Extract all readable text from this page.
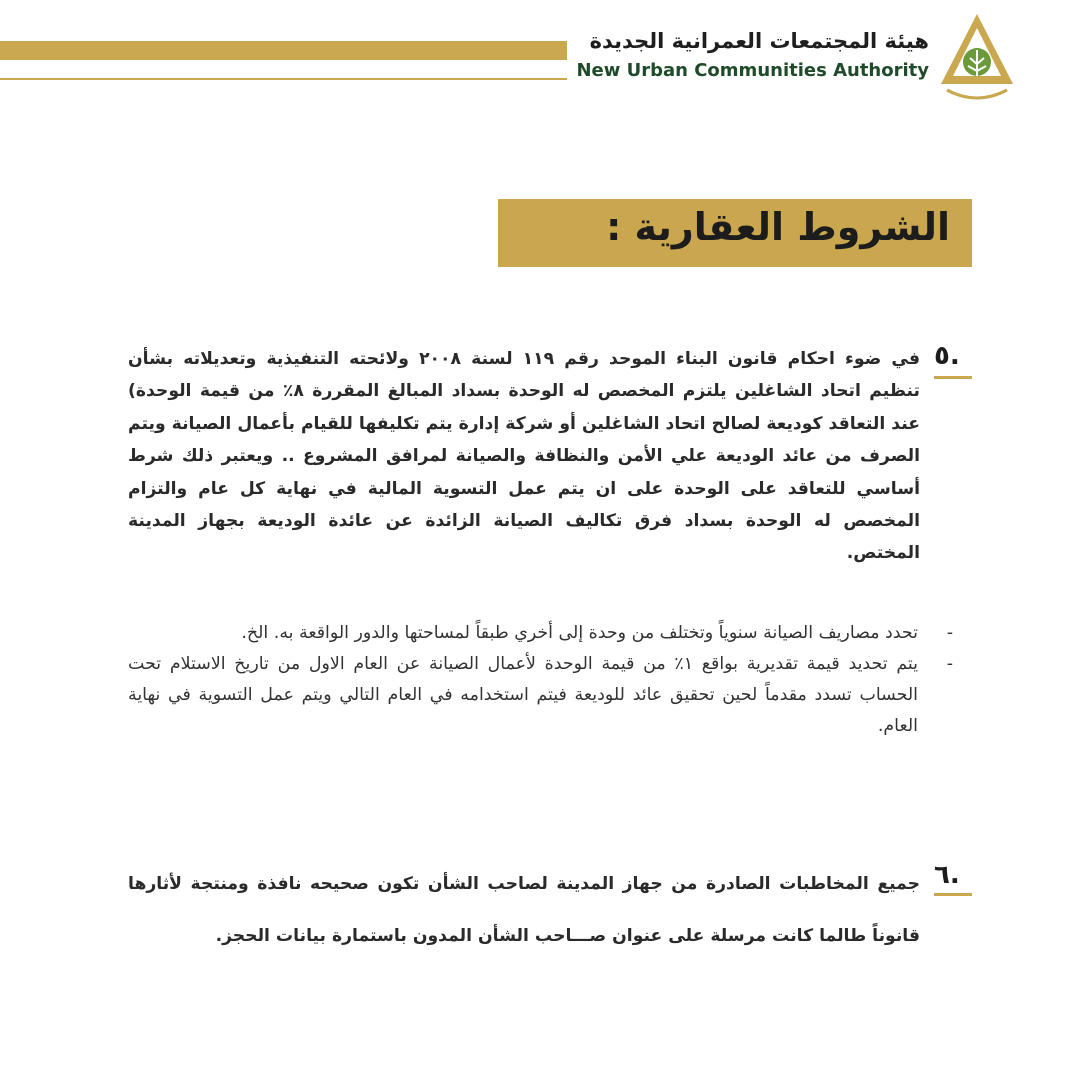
هيئة المجتمعات العمرانية الجديدة
New Urban Communities Authority
الشروط العقارية :
٥.
في ضوء احكام قانون البناء الموحد رقم ١١٩ لسنة ٢٠٠٨ ولائحته التنفيذية وتعديلاته بشأن تنظيم اتحاد الشاغلين يلتزم المخصص له الوحدة بسداد المبالغ المقررة ٨٪ من قيمة الوحدة) عند التعاقد كوديعة لصالح اتحاد الشاغلين أو شركة إدارة يتم تكليفها للقيام بأعمال الصيانة ويتم الصرف من عائد الوديعة علي الأمن والنظافة والصيانة لمرافق المشروع .. ويعتبر ذلك شرط أساسي للتعاقد على الوحدة على ان يتم عمل التسوية المالية في نهاية كل عام والتزام المخصص له الوحدة بسداد فرق تكاليف الصيانة الزائدة عن عائدة الوديعة بجهاز المدينة المختص.
-
تحدد مصاريف الصيانة سنوياً وتختلف من وحدة إلى أخري طبقاً لمساحتها والدور الواقعة به. الخ.
-
يتم تحديد قيمة تقديرية بواقع ١٪ من قيمة الوحدة لأعمال الصيانة عن العام الاول من تاريخ الاستلام تحت الحساب تسدد مقدماً لحين تحقيق عائد للوديعة فيتم استخدامه في العام التالي ويتم عمل التسوية في نهاية العام.
٦.
جميع المخاطبات الصادرة من جهاز المدينة لصاحب الشأن تكون صحيحه نافذة ومنتجة لأثارها قانوناً طالما كانت مرسلة على عنوان صـــاحب الشأن المدون باستمارة بيانات الحجز.
